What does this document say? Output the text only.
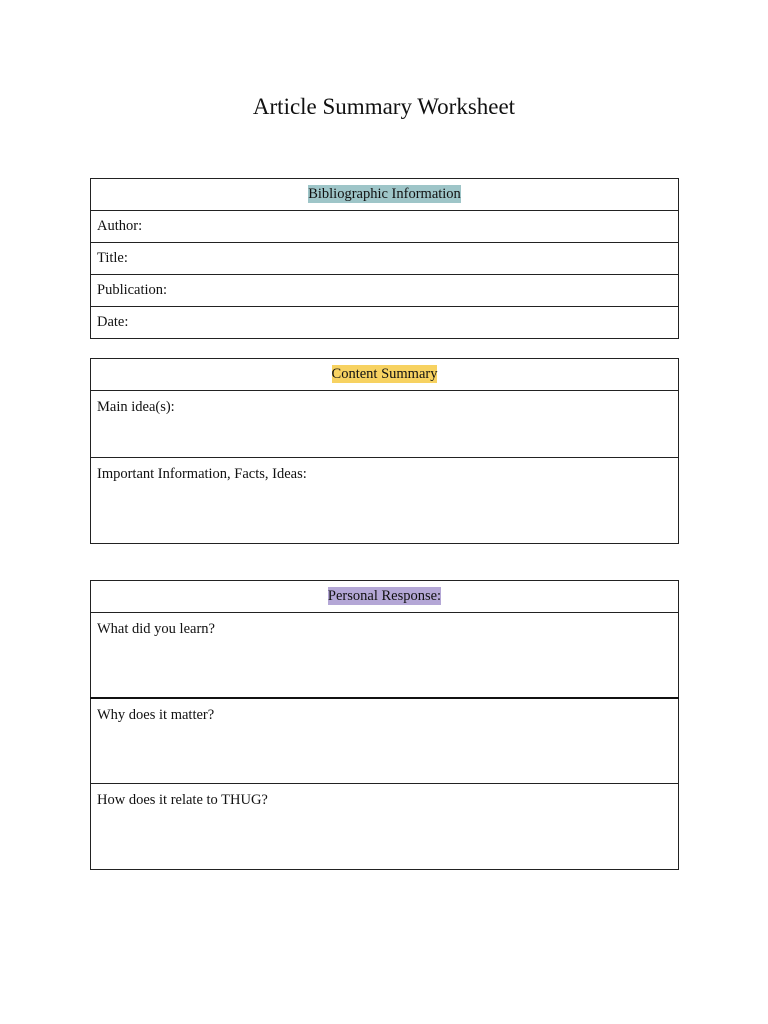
Article Summary Worksheet
Bibliographic Information
Author:
Title:
Publication:
Date:
Content Summary

Main idea(s):

Important Information, Facts, Ideas:
Personal Response:

What did you learn?

Why does it matter?

How does it relate to THUG?
